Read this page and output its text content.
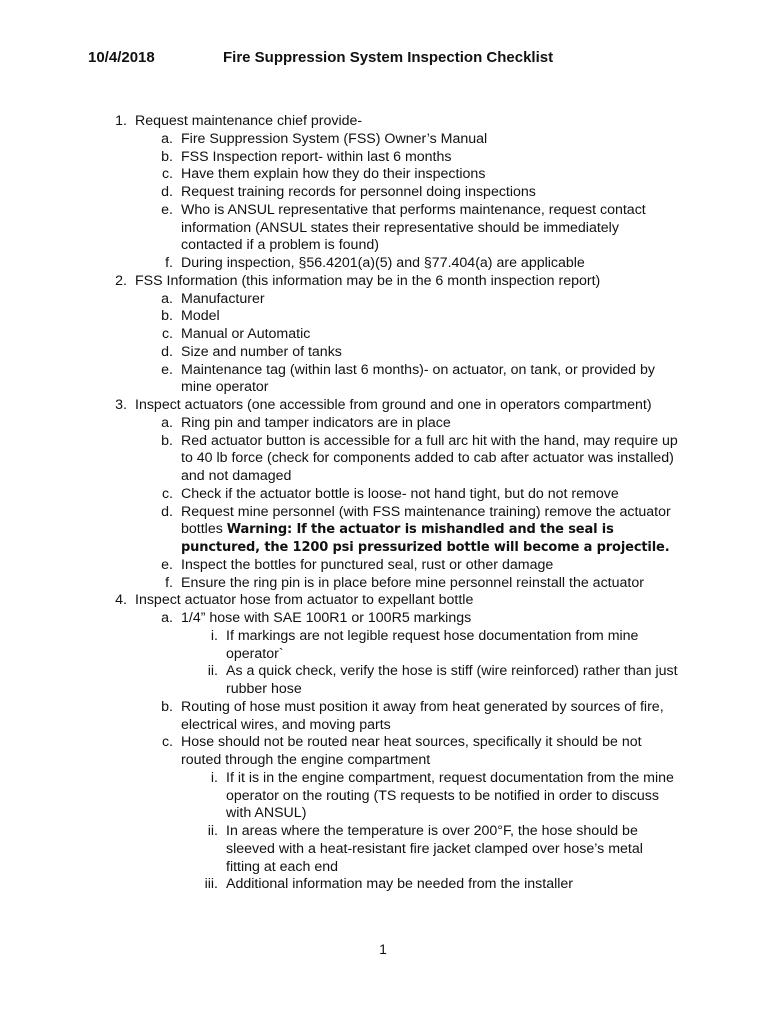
10/4/2018	Fire Suppression System Inspection Checklist
1. Request maintenance chief provide-
a. Fire Suppression System (FSS) Owner’s Manual
b. FSS Inspection report- within last 6 months
c. Have them explain how they do their inspections
d. Request training records for personnel doing inspections
e. Who is ANSUL representative that performs maintenance, request contact information (ANSUL states their representative should be immediately contacted if a problem is found)
f. During inspection, §56.4201(a)(5) and §77.404(a) are applicable
2. FSS Information (this information may be in the 6 month inspection report)
a. Manufacturer
b. Model
c. Manual or Automatic
d. Size and number of tanks
e. Maintenance tag (within last 6 months)- on actuator, on tank, or provided by mine operator
3. Inspect actuators (one accessible from ground and one in operators compartment)
a. Ring pin and tamper indicators are in place
b. Red actuator button is accessible for a full arc hit with the hand, may require up to 40 lb force (check for components added to cab after actuator was installed) and not damaged
c. Check if the actuator bottle is loose- not hand tight, but do not remove
d. Request mine personnel (with FSS maintenance training) remove the actuator bottles Warning: If the actuator is mishandled and the seal is punctured, the 1200 psi pressurized bottle will become a projectile.
e. Inspect the bottles for punctured seal, rust or other damage
f. Ensure the ring pin is in place before mine personnel reinstall the actuator
4. Inspect actuator hose from actuator to expellant bottle
a. 1/4” hose with SAE 100R1 or 100R5 markings
i. If markings are not legible request hose documentation from mine operator`
ii. As a quick check, verify the hose is stiff (wire reinforced) rather than just rubber hose
b. Routing of hose must position it away from heat generated by sources of fire, electrical wires, and moving parts
c. Hose should not be routed near heat sources, specifically it should be not routed through the engine compartment
i. If it is in the engine compartment, request documentation from the mine operator on the routing (TS requests to be notified in order to discuss with ANSUL)
ii. In areas where the temperature is over 200°F, the hose should be sleeved with a heat-resistant fire jacket clamped over hose’s metal fitting at each end
iii. Additional information may be needed from the installer
1
